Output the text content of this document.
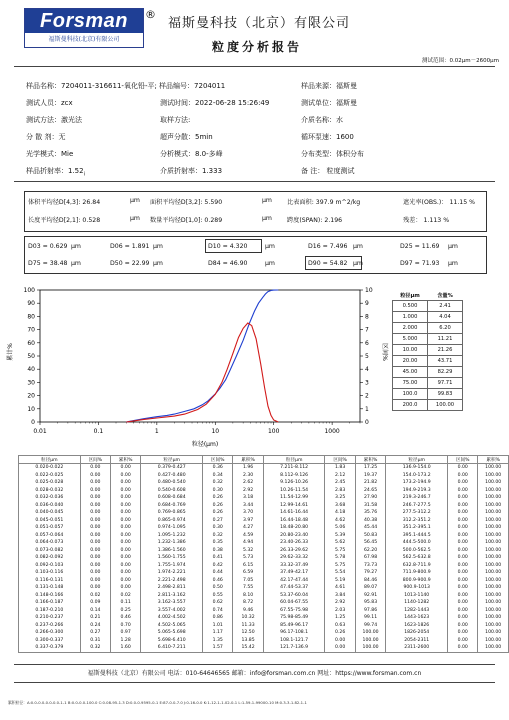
Forsman
福斯曼科技(北京)有限公司
®
福斯曼科技（北京）有限公司
粒度分析报告
测试范围：0.02μm－2600μm
样品名称：7204011-316611-氧化铅-平; 样品编号：7204011	样品来源：福斯曼
测试人员：zcx	测试时间：2022-06-28 15:26:49	测试单位：福斯曼
测试方法：激光法	取样方法:	介质名称：水
分 散 剂：无	超声分散：5min	循环泵速：1600
光学模式：Mie	分析模式：8.0-多峰	分布类型：体积分布
样品折射率：$1.52_i$	介质折射率：1.333	备 注： 粒度测试
体积平均径D[4,3]: 26.84	μm 面积平均径D[3,2]: 5.590	μm 比表面积: 397.9 m^2/kg	遮光率(OBS.)： 11.15 %
长度平均径D[2,1]: 0.528	μm 数量平均径D[1,0]: 0.289	μm 跨度(SPAN): 2.196	残差： 1.113 %
D03 = 0.629 μm	D06 = 1.891 μm	D10 = 4.320	μm	D16 = 7.496 μm	D25 = 11.69 μm
D75 = 38.48 μm	D50 = 22.99 μm	D84 = 46.90	μm	D90 = 54.82 μm	D97 = 71.93 μm
粒径(μm)
累计%	区间%
0.01	0.1	1	10	100	1000
0
10
20
30
40
50
60
70
80
90
100
0
1
2
3
4
5
6
7
8
9
10
粒径μm	含量%
0.500	2.41
1.000	4.04
2.000	6.20
5.000	11.21
10.00	21.26
20.00	43.71
45.00	82.29
75.00	97.71
100.0	99.83
200.0	100.00
粒径μm	区间%	累积%	粒径μm	区间%	累积%	粒径μm	区间%	累积%	粒径μm	区间%	累积%
0.020-0.022	0.00	0.00	0.379-0.427	0.36	1.96	7.211-8.112	1.83	17.25	136.9-154.0	0.00	100.00
0.022-0.025	0.00	0.00	0.427-0.480	0.34	2.30	8.112-9.126	2.12	19.37	154.0-173.2	0.00	100.00
0.025-0.028	0.00	0.00	0.480-0.540	0.32	2.62	9.126-10.26	2.45	21.82	173.2-194.9	0.00	100.00
0.028-0.032	0.00	0.00	0.540-0.608	0.30	2.92	10.26-11.54	2.83	24.65	194.9-219.3	0.00	100.00
0.032-0.036	0.00	0.00	0.608-0.684	0.26	3.18	11.54-12.99	3.25	27.90	219.3-246.7	0.00	100.00
0.036-0.040	0.00	0.00	0.684-0.769	0.26	3.44	12.99-14.61	3.68	31.58	246.7-277.5	0.00	100.00
0.040-0.045	0.00	0.00	0.769-0.865	0.26	3.70	14.61-16.44	4.18	35.76	277.5-312.2	0.00	100.00
0.045-0.051	0.00	0.00	0.865-0.974	0.27	3.97	16.44-18.48	4.62	40.38	312.2-351.2	0.00	100.00
0.051-0.057	0.00	0.00	0.974-1.095	0.30	4.27	18.48-20.80	5.06	45.44	351.2-395.1	0.00	100.00
0.057-0.064	0.00	0.00	1.095-1.232	0.32	4.59	20.80-23.40	5.39	50.83	395.1-444.5	0.00	100.00
0.064-0.073	0.00	0.00	1.232-1.386	0.35	4.94	23.40-26.33	5.62	56.45	444.5-500.0	0.00	100.00
0.073-0.082	0.00	0.00	1.386-1.560	0.38	5.32	26.33-29.62	5.75	62.20	500.0-562.5	0.00	100.00
0.082-0.092	0.00	0.00	1.560-1.755	0.41	5.73	29.62-33.32	5.78	67.98	562.5-632.8	0.00	100.00
0.092-0.103	0.00	0.00	1.755-1.974	0.42	6.15	33.32-37.49	5.75	73.73	632.8-711.9	0.00	100.00
0.103-0.116	0.00	0.00	1.974-2.221	0.44	6.59	37.49-42.17	5.54	79.27	711.9-800.9	0.00	100.00
0.116-0.131	0.00	0.00	2.221-2.498	0.46	7.05	42.17-47.44	5.19	84.46	800.9-900.9	0.00	100.00
0.131-0.148	0.00	0.00	2.498-2.811	0.50	7.55	47.44-53.37	4.61	89.07	900.9-1013	0.00	100.00
0.148-0.166	0.02	0.02	2.811-3.162	0.55	8.10	53.37-60.04	3.84	92.91	1013-1140	0.00	100.00
0.166-0.187	0.09	0.11	3.162-3.557	0.62	8.72	60.04-67.55	2.92	95.83	1140-1282	0.00	100.00
0.187-0.210	0.14	0.25	3.557-4.002	0.74	9.46	67.55-75.98	2.03	97.86	1282-1443	0.00	100.00
0.210-0.237	0.21	0.46	4.002-4.502	0.86	10.32	75.98-85.49	1.25	99.11	1443-1623	0.00	100.00
0.237-0.266	0.24	0.70	4.502-5.065	1.01	11.33	85.49-96.17	0.63	99.74	1623-1826	0.00	100.00
0.266-0.300	0.27	0.97	5.065-5.698	1.17	12.50	96.17-108.1	0.26	100.00	1826-2054	0.00	100.00
0.300-0.337	0.31	1.28	5.698-6.410	1.35	13.85	108.1-121.7	0.00	100.00	2054-2311	0.00	100.00
0.337-0.379	0.32	1.60	6.410-7.211	1.57	15.42	121.7-136.9	0.00	100.00	2311-2600	0.00	100.00
福斯曼科技（北京）有限公司 电话：010-64646565 邮箱：info@forsman.com.cn 网址：https://www.forsman.com.cn
累积粒径：A:0.0-0.0-0.0-0.0-1-1 B:0.0-0.0-100.0 C:0.08-95-1.3 D:0.0-0.9595-0-1 E:87-0.0-7.0 J:0-16-0.0 K:1-12-1-1.02-0-1 L:1-59-1-99000-10 M:0.3-3-1.82-1-1
